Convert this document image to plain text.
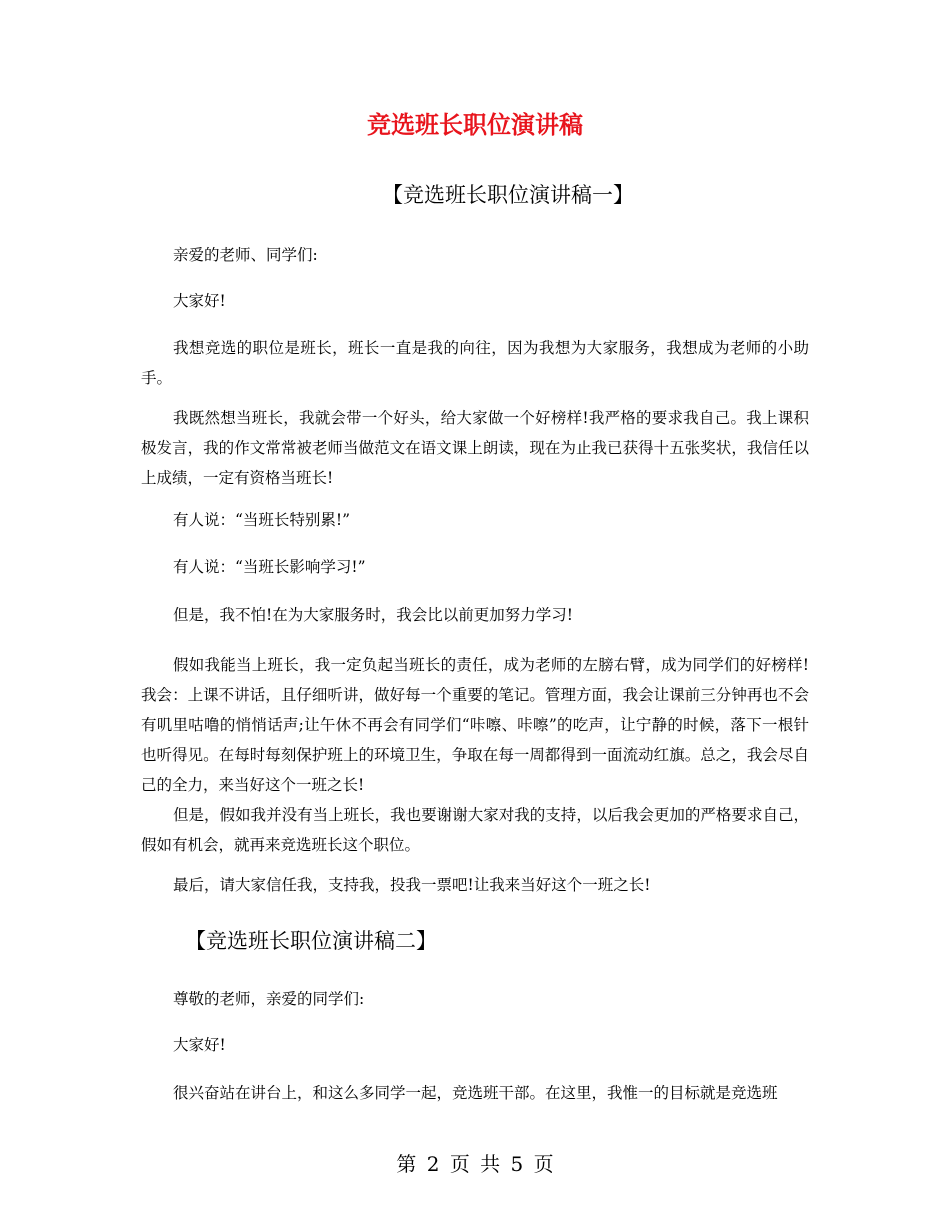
竞选班长职位演讲稿
【竞选班长职位演讲稿一】

亲爱的老师、同学们:

大家好!

我想竞选的职位是班长，班长一直是我的向往，因为我想为大家服务，我想成为老师的小助手。

我既然想当班长，我就会带一个好头，给大家做一个好榜样!我严格的要求我自己。我上课积极发言，我的作文常常被老师当做范文在语文课上朗读，现在为止我已获得十五张奖状，我信任以上成绩，一定有资格当班长!

有人说：“当班长特别累!”

有人说：“当班长影响学习!”

但是，我不怕!在为大家服务时，我会比以前更加努力学习!

假如我能当上班长，我一定负起当班长的责任，成为老师的左膀右臂，成为同学们的好榜样!我会：上课不讲话，且仔细听讲，做好每一个重要的笔记。管理方面，我会让课前三分钟再也不会有叽里咕噜的悄悄话声;让午休不再会有同学们“咔嚓、咔嚓”的吃声，让宁静的时候，落下一根针也听得见。在每时每刻保护班上的环境卫生，争取在每一周都得到一面流动红旗。总之，我会尽自己的全力，来当好这个一班之长!

但是，假如我并没有当上班长，我也要谢谢大家对我的支持，以后我会更加的严格要求自己，假如有机会，就再来竞选班长这个职位。

最后，请大家信任我，支持我，投我一票吧!让我来当好这个一班之长!

【竞选班长职位演讲稿二】

尊敬的老师，亲爱的同学们:

大家好!

很兴奋站在讲台上，和这么多同学一起，竞选班干部。在这里，我惟一的目标就是竞选班

第 2 页 共 5 页
